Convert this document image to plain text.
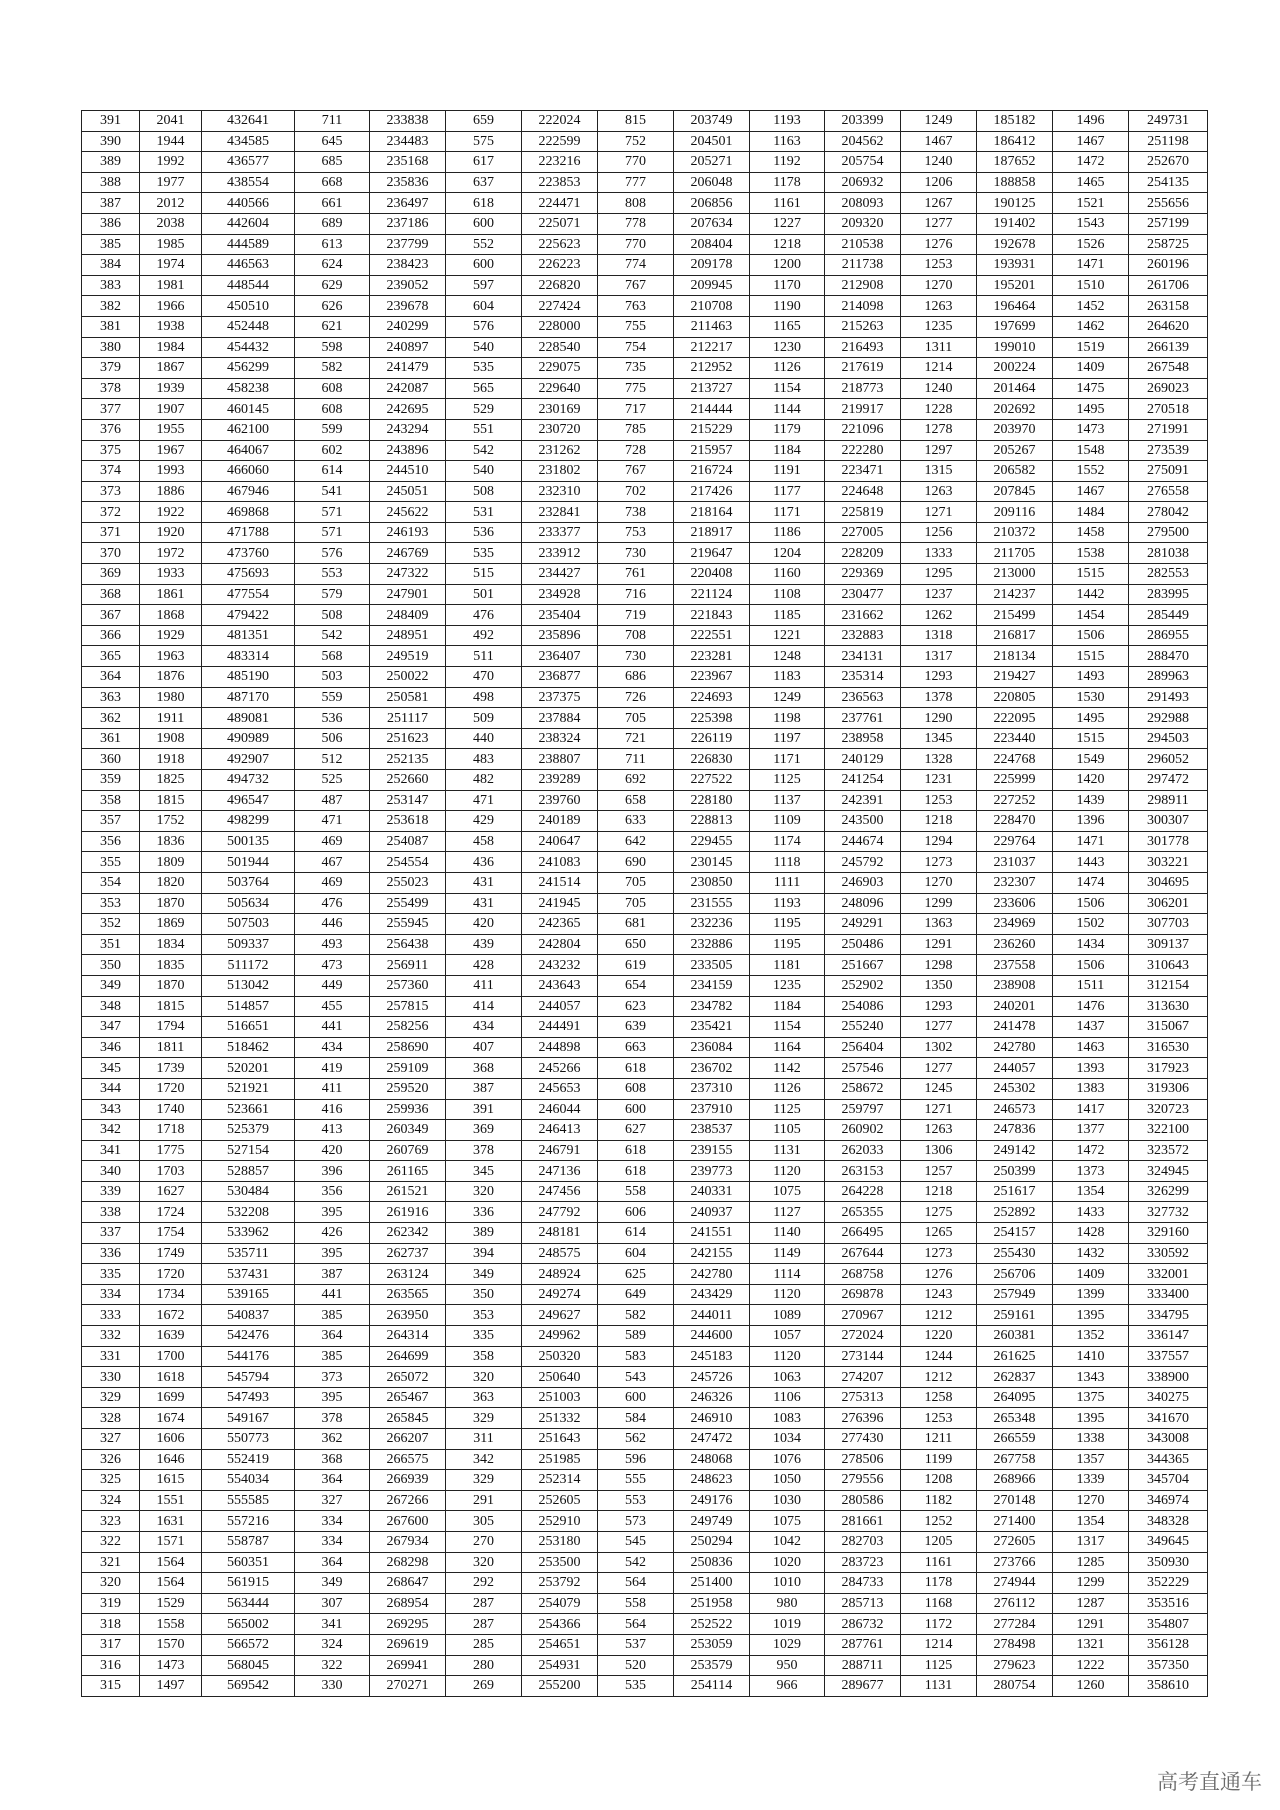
391	2041	432641	711	233838	659	222024	815	203749	1193	203399	1249	185182	1496	249731
390	1944	434585	645	234483	575	222599	752	204501	1163	204562	1467	186412	1467	251198
389	1992	436577	685	235168	617	223216	770	205271	1192	205754	1240	187652	1472	252670
388	1977	438554	668	235836	637	223853	777	206048	1178	206932	1206	188858	1465	254135
387	2012	440566	661	236497	618	224471	808	206856	1161	208093	1267	190125	1521	255656
386	2038	442604	689	237186	600	225071	778	207634	1227	209320	1277	191402	1543	257199
385	1985	444589	613	237799	552	225623	770	208404	1218	210538	1276	192678	1526	258725
384	1974	446563	624	238423	600	226223	774	209178	1200	211738	1253	193931	1471	260196
383	1981	448544	629	239052	597	226820	767	209945	1170	212908	1270	195201	1510	261706
382	1966	450510	626	239678	604	227424	763	210708	1190	214098	1263	196464	1452	263158
381	1938	452448	621	240299	576	228000	755	211463	1165	215263	1235	197699	1462	264620
380	1984	454432	598	240897	540	228540	754	212217	1230	216493	1311	199010	1519	266139
379	1867	456299	582	241479	535	229075	735	212952	1126	217619	1214	200224	1409	267548
378	1939	458238	608	242087	565	229640	775	213727	1154	218773	1240	201464	1475	269023
377	1907	460145	608	242695	529	230169	717	214444	1144	219917	1228	202692	1495	270518
376	1955	462100	599	243294	551	230720	785	215229	1179	221096	1278	203970	1473	271991
375	1967	464067	602	243896	542	231262	728	215957	1184	222280	1297	205267	1548	273539
374	1993	466060	614	244510	540	231802	767	216724	1191	223471	1315	206582	1552	275091
373	1886	467946	541	245051	508	232310	702	217426	1177	224648	1263	207845	1467	276558
372	1922	469868	571	245622	531	232841	738	218164	1171	225819	1271	209116	1484	278042
371	1920	471788	571	246193	536	233377	753	218917	1186	227005	1256	210372	1458	279500
370	1972	473760	576	246769	535	233912	730	219647	1204	228209	1333	211705	1538	281038
369	1933	475693	553	247322	515	234427	761	220408	1160	229369	1295	213000	1515	282553
368	1861	477554	579	247901	501	234928	716	221124	1108	230477	1237	214237	1442	283995
367	1868	479422	508	248409	476	235404	719	221843	1185	231662	1262	215499	1454	285449
366	1929	481351	542	248951	492	235896	708	222551	1221	232883	1318	216817	1506	286955
365	1963	483314	568	249519	511	236407	730	223281	1248	234131	1317	218134	1515	288470
364	1876	485190	503	250022	470	236877	686	223967	1183	235314	1293	219427	1493	289963
363	1980	487170	559	250581	498	237375	726	224693	1249	236563	1378	220805	1530	291493
362	1911	489081	536	251117	509	237884	705	225398	1198	237761	1290	222095	1495	292988
361	1908	490989	506	251623	440	238324	721	226119	1197	238958	1345	223440	1515	294503
360	1918	492907	512	252135	483	238807	711	226830	1171	240129	1328	224768	1549	296052
359	1825	494732	525	252660	482	239289	692	227522	1125	241254	1231	225999	1420	297472
358	1815	496547	487	253147	471	239760	658	228180	1137	242391	1253	227252	1439	298911
357	1752	498299	471	253618	429	240189	633	228813	1109	243500	1218	228470	1396	300307
356	1836	500135	469	254087	458	240647	642	229455	1174	244674	1294	229764	1471	301778
355	1809	501944	467	254554	436	241083	690	230145	1118	245792	1273	231037	1443	303221
354	1820	503764	469	255023	431	241514	705	230850	1111	246903	1270	232307	1474	304695
353	1870	505634	476	255499	431	241945	705	231555	1193	248096	1299	233606	1506	306201
352	1869	507503	446	255945	420	242365	681	232236	1195	249291	1363	234969	1502	307703
351	1834	509337	493	256438	439	242804	650	232886	1195	250486	1291	236260	1434	309137
350	1835	511172	473	256911	428	243232	619	233505	1181	251667	1298	237558	1506	310643
349	1870	513042	449	257360	411	243643	654	234159	1235	252902	1350	238908	1511	312154
348	1815	514857	455	257815	414	244057	623	234782	1184	254086	1293	240201	1476	313630
347	1794	516651	441	258256	434	244491	639	235421	1154	255240	1277	241478	1437	315067
346	1811	518462	434	258690	407	244898	663	236084	1164	256404	1302	242780	1463	316530
345	1739	520201	419	259109	368	245266	618	236702	1142	257546	1277	244057	1393	317923
344	1720	521921	411	259520	387	245653	608	237310	1126	258672	1245	245302	1383	319306
343	1740	523661	416	259936	391	246044	600	237910	1125	259797	1271	246573	1417	320723
342	1718	525379	413	260349	369	246413	627	238537	1105	260902	1263	247836	1377	322100
341	1775	527154	420	260769	378	246791	618	239155	1131	262033	1306	249142	1472	323572
340	1703	528857	396	261165	345	247136	618	239773	1120	263153	1257	250399	1373	324945
339	1627	530484	356	261521	320	247456	558	240331	1075	264228	1218	251617	1354	326299
338	1724	532208	395	261916	336	247792	606	240937	1127	265355	1275	252892	1433	327732
337	1754	533962	426	262342	389	248181	614	241551	1140	266495	1265	254157	1428	329160
336	1749	535711	395	262737	394	248575	604	242155	1149	267644	1273	255430	1432	330592
335	1720	537431	387	263124	349	248924	625	242780	1114	268758	1276	256706	1409	332001
334	1734	539165	441	263565	350	249274	649	243429	1120	269878	1243	257949	1399	333400
333	1672	540837	385	263950	353	249627	582	244011	1089	270967	1212	259161	1395	334795
332	1639	542476	364	264314	335	249962	589	244600	1057	272024	1220	260381	1352	336147
331	1700	544176	385	264699	358	250320	583	245183	1120	273144	1244	261625	1410	337557
330	1618	545794	373	265072	320	250640	543	245726	1063	274207	1212	262837	1343	338900
329	1699	547493	395	265467	363	251003	600	246326	1106	275313	1258	264095	1375	340275
328	1674	549167	378	265845	329	251332	584	246910	1083	276396	1253	265348	1395	341670
327	1606	550773	362	266207	311	251643	562	247472	1034	277430	1211	266559	1338	343008
326	1646	552419	368	266575	342	251985	596	248068	1076	278506	1199	267758	1357	344365
325	1615	554034	364	266939	329	252314	555	248623	1050	279556	1208	268966	1339	345704
324	1551	555585	327	267266	291	252605	553	249176	1030	280586	1182	270148	1270	346974
323	1631	557216	334	267600	305	252910	573	249749	1075	281661	1252	271400	1354	348328
322	1571	558787	334	267934	270	253180	545	250294	1042	282703	1205	272605	1317	349645
321	1564	560351	364	268298	320	253500	542	250836	1020	283723	1161	273766	1285	350930
320	1564	561915	349	268647	292	253792	564	251400	1010	284733	1178	274944	1299	352229
319	1529	563444	307	268954	287	254079	558	251958	980	285713	1168	276112	1287	353516
318	1558	565002	341	269295	287	254366	564	252522	1019	286732	1172	277284	1291	354807
317	1570	566572	324	269619	285	254651	537	253059	1029	287761	1214	278498	1321	356128
316	1473	568045	322	269941	280	254931	520	253579	950	288711	1125	279623	1222	357350
315	1497	569542	330	270271	269	255200	535	254114	966	289677	1131	280754	1260	358610
高考直通车
